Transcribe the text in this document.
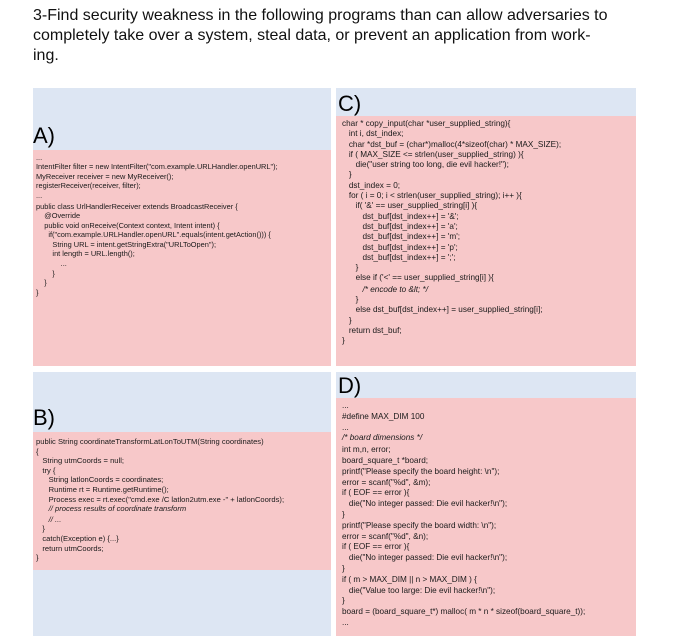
3-Find security weakness in the following programs than can allow adversaries to
completely take over a system, steal data, or prevent an application from work-
ing.
A)
...
IntentFilter filter = new IntentFilter("com.example.URLHandler.openURL");
MyReceiver receiver = new MyReceiver();
registerReceiver(receiver, filter);
...
public class UrlHandlerReceiver extends BroadcastReceiver {
@Override
public void onReceive(Context context, Intent intent) {
if("com.example.URLHandler.openURL".equals(intent.getAction())) {
String URL = intent.getStringExtra("URLToOpen");
int length = URL.length();
...
}
}
}
B)
public String coordinateTransformLatLonToUTM(String coordinates)
{
String utmCoords = null;
try {
String latlonCoords = coordinates;
Runtime rt = Runtime.getRuntime();
Process exec = rt.exec("cmd.exe /C latlon2utm.exe -" + latlonCoords);
// process results of coordinate transform
// ...
}
catch(Exception e) {...}
return utmCoords;
}
C)
char * copy_input(char *user_supplied_string){
int i, dst_index;
char *dst_buf = (char*)malloc(4*sizeof(char) * MAX_SIZE);
if ( MAX_SIZE <= strlen(user_supplied_string) ){
die("user string too long, die evil hacker!");
}
dst_index = 0;
for ( i = 0; i < strlen(user_supplied_string); i++ ){
if( '&' == user_supplied_string[i] ){
dst_buf[dst_index++] = '&';
dst_buf[dst_index++] = 'a';
dst_buf[dst_index++] = 'm';
dst_buf[dst_index++] = 'p';
dst_buf[dst_index++] = ';';
}
else if ('<' == user_supplied_string[i] ){
/* encode to &lt; */
}
else dst_buf[dst_index++] = user_supplied_string[i];
}
return dst_buf;
}
D)
...
#define MAX_DIM 100
...
/* board dimensions */
int m,n, error;
board_square_t *board;
printf("Please specify the board height: \n");
error = scanf("%d", &m);
if ( EOF == error ){
die("No integer passed: Die evil hacker!\n");
}
printf("Please specify the board width: \n");
error = scanf("%d", &n);
if ( EOF == error ){
die("No integer passed: Die evil hacker!\n");
}
if ( m > MAX_DIM || n > MAX_DIM ) {
die("Value too large: Die evil hacker!\n");
}
board = (board_square_t*) malloc( m * n * sizeof(board_square_t));
...
